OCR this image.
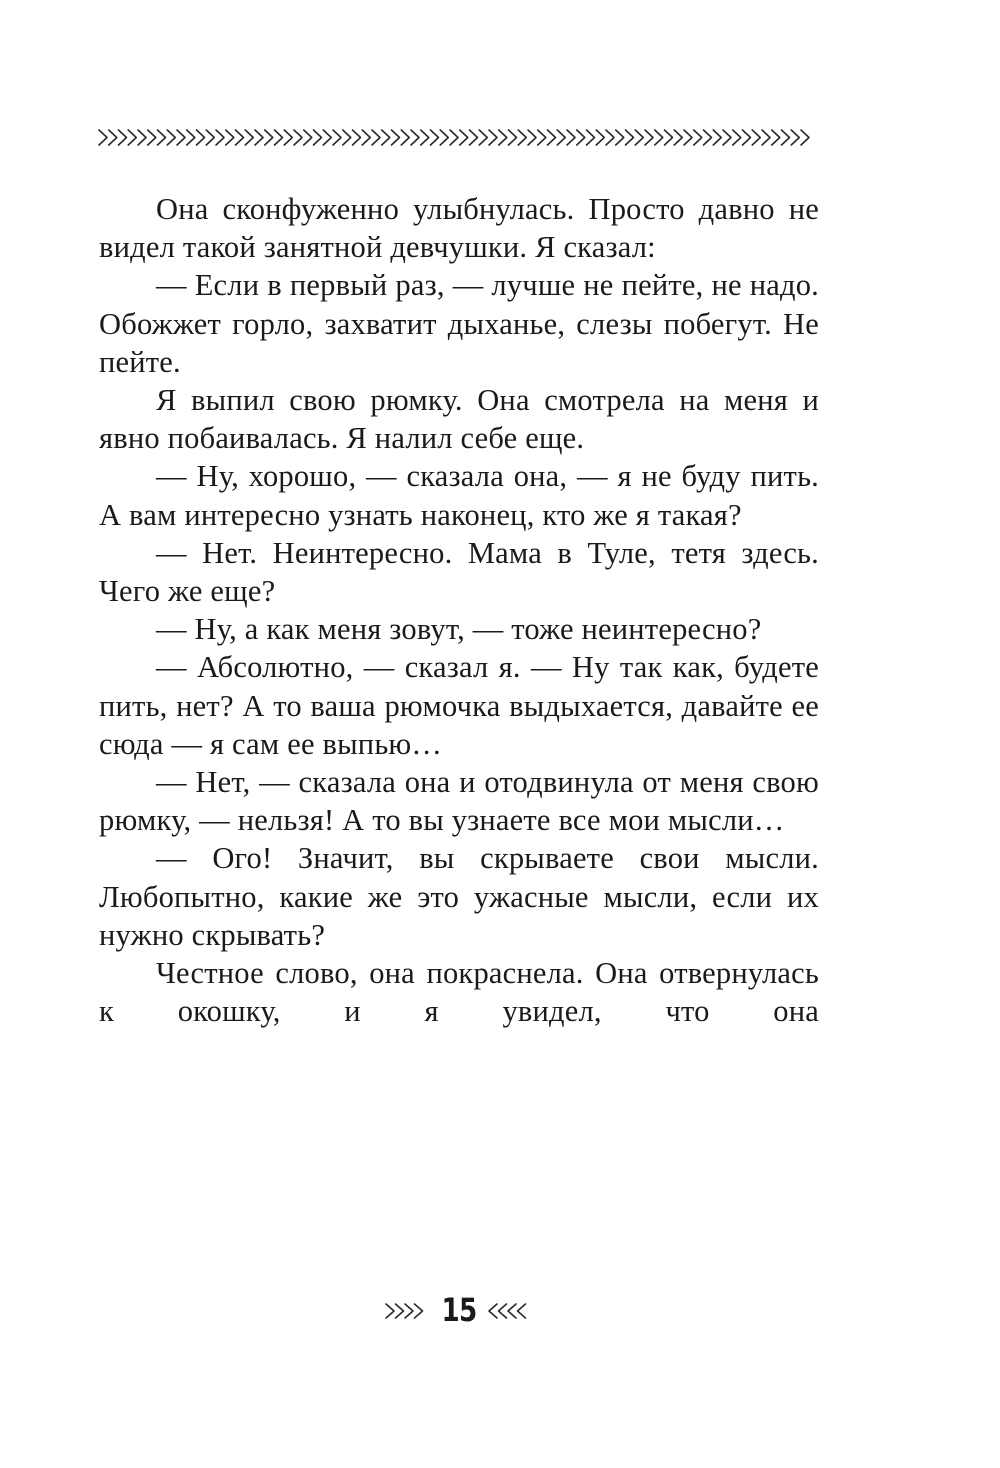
Она сконфуженно улыбнулась. Просто давно не видел такой занятной девчушки. Я сказал:

— Если в первый раз, — лучше не пейте, не надо. Обожжет горло, захватит дыханье, слезы побегут. Не пейте.

Я выпил свою рюмку. Она смотрела на меня и явно побаивалась. Я налил себе еще.

— Ну, хорошо, — сказала она, — я не буду пить. А вам интересно узнать наконец, кто же я такая?

— Нет. Неинтересно. Мама в Туле, тетя здесь. Чего же еще?

— Ну, а как меня зовут, — тоже неинтересно?

— Абсолютно, — сказал я. — Ну так как, будете пить, нет? А то ваша рюмочка выдыхается, давайте ее сюда — я сам ее выпью…

— Нет, — сказала она и отодвинула от меня свою рюмку, — нельзя! А то вы узнаете все мои мысли…

— Ого! Значит, вы скрываете свои мысли. Любопытно, какие же это ужасные мысли, если их нужно скрывать?

Честное слово, она покраснела. Она отвернулась к окошку, и я увидел, что она

15
